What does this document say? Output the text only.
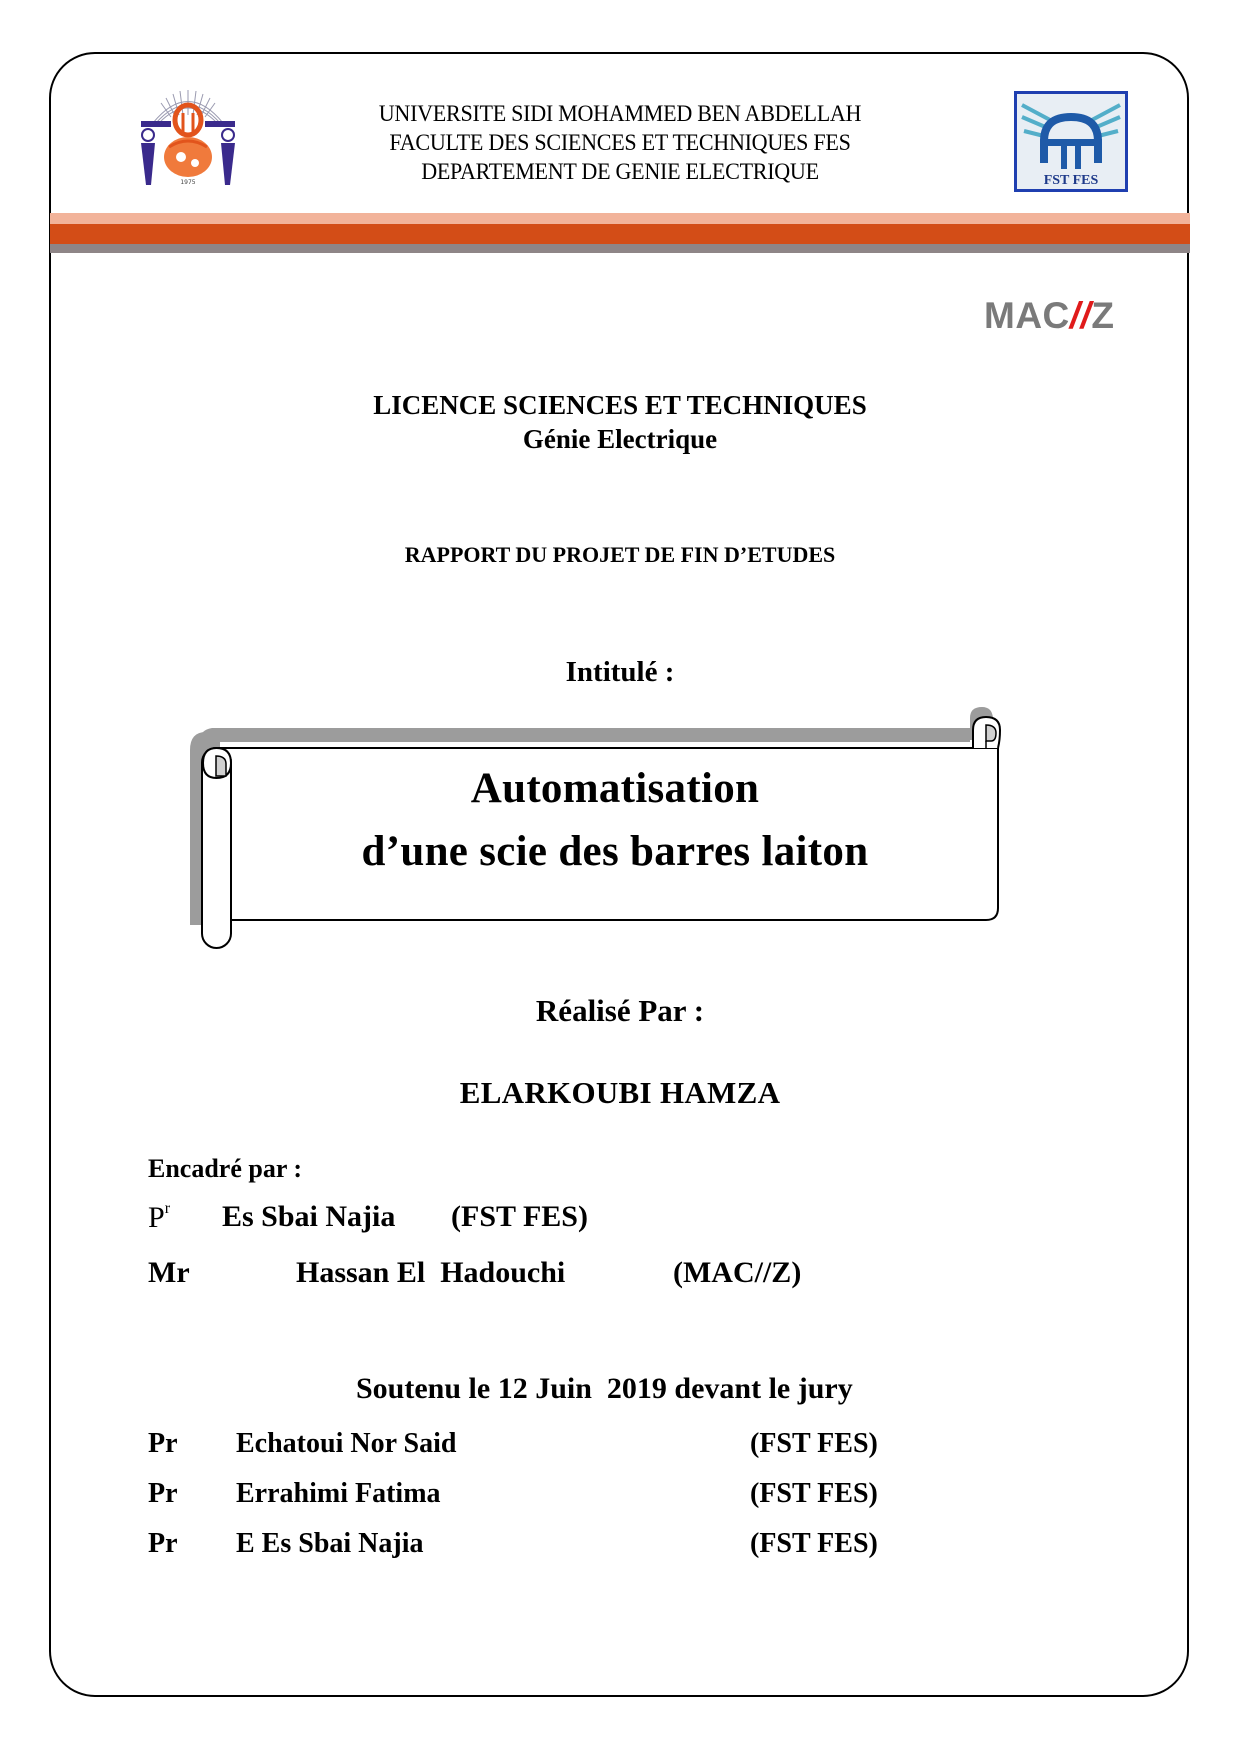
1975
UNIVERSITE SIDI MOHAMMED BEN ABDELLAH
FACULTE DES SCIENCES ET TECHNIQUES FES
DEPARTEMENT DE GENIE ELECTRIQUE	FST FES
MAC//Z
LICENCE SCIENCES ET TECHNIQUES
Génie Electrique
RAPPORT DU PROJET DE FIN D’ETUDES
Intitulé :
Automatisation
d’une scie des barres laiton
Réalisé Par :
ELARKOUBI HAMZA
Encadré par :
$P^r$ Es Sbai Najia (FST FES)
Mr	Hassan El  Hadouchi	(MAC//Z)
Soutenu le 12 Juin  2019 devant le jury
Pr Echatoui Nor Said	(FST FES)
Pr Errahimi Fatima	(FST FES)
Pr E Es Sbai Najia	(FST FES)
